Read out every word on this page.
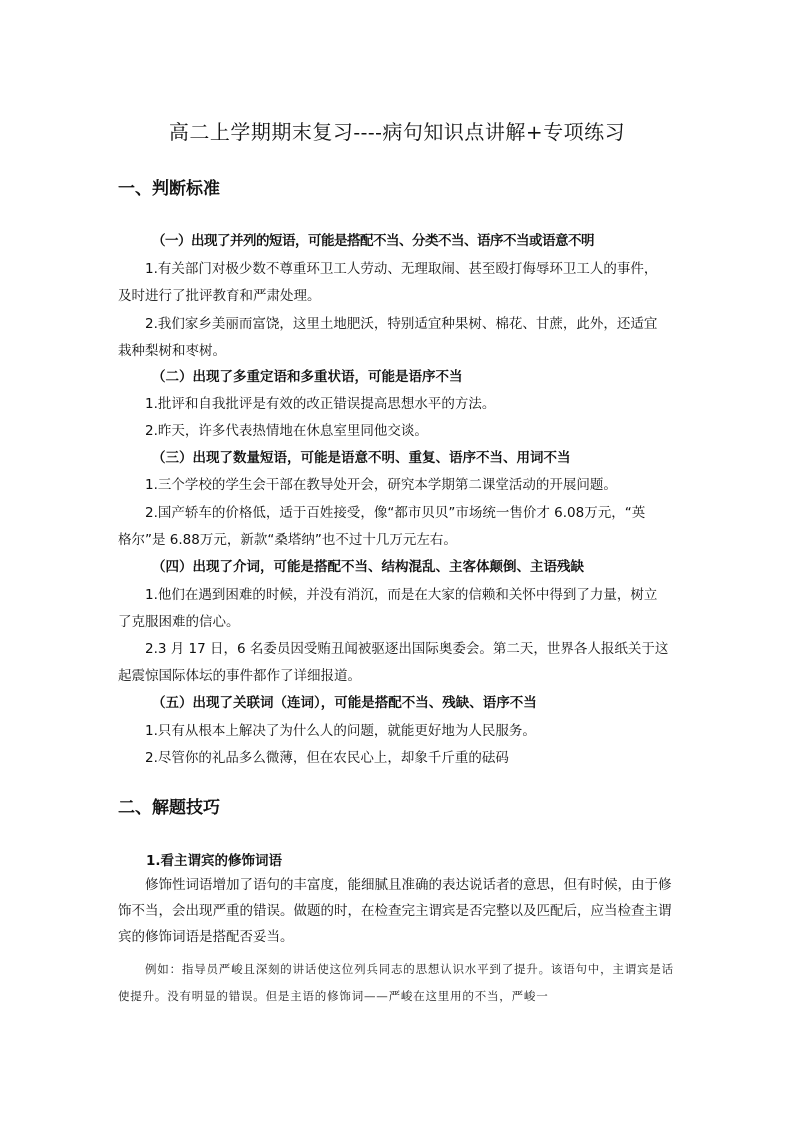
高二上学期期末复习----病句知识点讲解+专项练习
一、判断标准
（一）出现了并列的短语，可能是搭配不当、分类不当、语序不当或语意不明
1.有关部门对极少数不尊重环卫工人劳动、无理取闹、甚至殴打侮辱环卫工人的事件，
及时进行了批评教育和严肃处理。
2.我们家乡美丽而富饶，这里土地肥沃，特别适宜种果树、棉花、甘蔗，此外，还适宜
栽种梨树和枣树。
（二）出现了多重定语和多重状语，可能是语序不当
1.批评和自我批评是有效的改正错误提高思想水平的方法。
2.昨天，许多代表热情地在休息室里同他交谈。
（三）出现了数量短语，可能是语意不明、重复、语序不当、用词不当
1.三个学校的学生会干部在教导处开会，研究本学期第二课堂活动的开展问题。
2.国产轿车的价格低，适于百姓接受，像“都市贝贝”市场统一售价才 6.08万元，“英
格尔”是 6.88万元，新款“桑塔纳”也不过十几万元左右。
（四）出现了介词，可能是搭配不当、结构混乱、主客体颠倒、主语残缺
1.他们在遇到困难的时候，并没有消沉，而是在大家的信赖和关怀中得到了力量，树立
了克服困难的信心。
2.3 月 17 日，6 名委员因受贿丑闻被驱逐出国际奥委会。第二天，世界各人报纸关于这
起震惊国际体坛的事件都作了详细报道。
（五）出现了关联词（连词），可能是搭配不当、残缺、语序不当
1.只有从根本上解决了为什么人的问题，就能更好地为人民服务。
2.尽管你的礼品多么微薄，但在农民心上，却象千斤重的砝码
二、解题技巧
1.看主谓宾的修饰词语
修饰性词语增加了语句的丰富度，能细腻且准确的表达说话者的意思，但有时候，由于修饰不当，会出现严重的错误。做题的时，在检查完主谓宾是否完整以及匹配后，应当检查主谓宾的修饰词语是搭配否妥当。
例如：指导员严峻且深刻的讲话使这位列兵同志的思想认识水平到了提升。该语句中，主谓宾是话使提升。没有明显的错误。但是主语的修饰词——严峻在这里用的不当，严峻一
